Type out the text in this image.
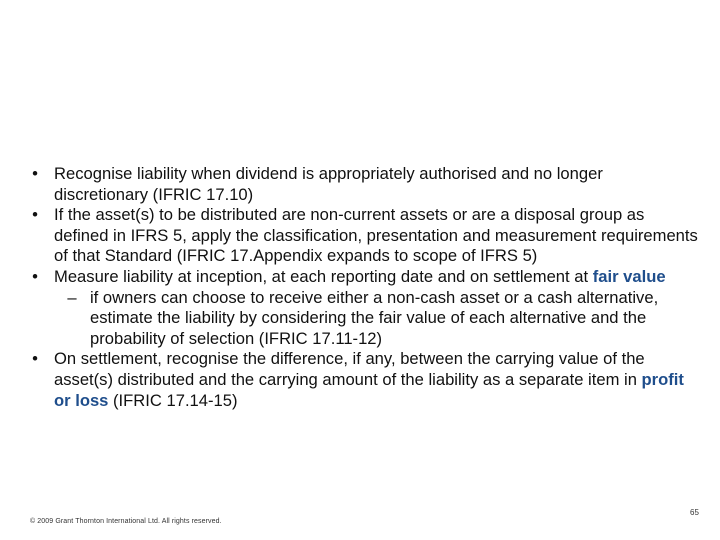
• Recognise liability when dividend is appropriately authorised and no longer discretionary (IFRIC 17.10)
• If the asset(s) to be distributed are non-current assets or are a disposal group as defined in IFRS 5, apply the classification, presentation and measurement requirements of that Standard (IFRIC 17.Appendix expands to scope of IFRS 5)
• Measure liability at inception, at each reporting date and on settlement at fair value
– if owners can choose to receive either a non-cash asset or a cash alternative, estimate the liability by considering the fair value of each alternative and the probability of selection (IFRIC 17.11-12)
• On settlement, recognise the difference, if any, between the carrying value of the asset(s) distributed and the carrying amount of the liability as a separate item in profit or loss (IFRIC 17.14-15)
© 2009 Grant Thornton International Ltd. All rights reserved.
65
